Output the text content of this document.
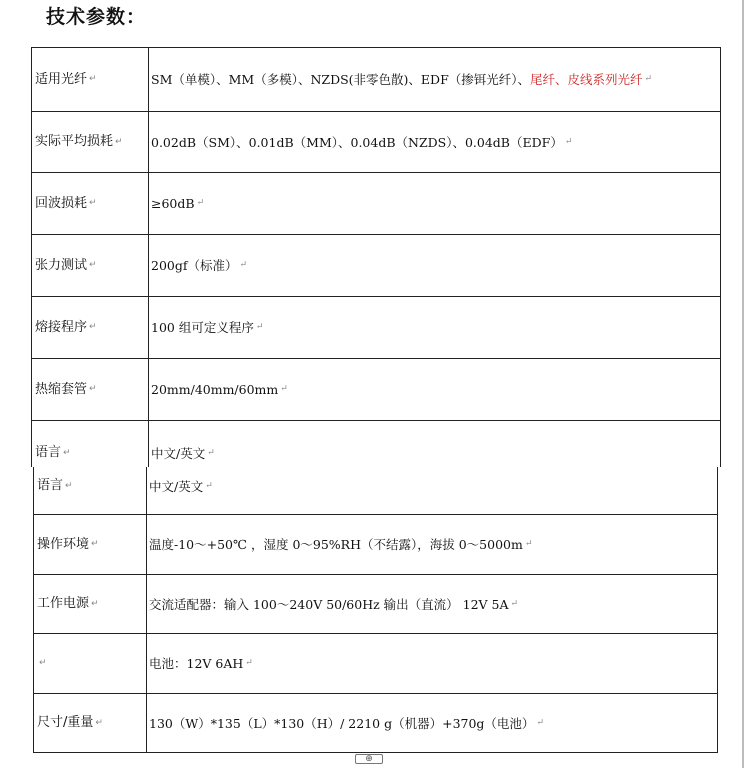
技术参数：
适用光纤 ↵	SM（单模）、MM（多模）、NZDS(非零色散)、EDF（掺铒光纤）、 尾纤、皮线系列光纤 ↵
实际平均损耗 ↵ 0.02dB（SM）、0.01dB（MM）、0.04dB（NZDS）、0.04dB（EDF） ↵
回波损耗 ↵	≥60dB ↵
张力测试 ↵	200gf（标准） ↵
熔接程序 ↵	100 组可定义程序 ↵
热缩套管 ↵	20mm/40mm/60mm ↵
语言 ↵	中文/英文 ↵
语言 ↵	中文/英文 ↵
操作环境 ↵	温度-10～+50℃ ，湿度 0～95%RH（不结露），海拔 0～5000m ↵
工作电源 ↵	交流适配器：输入 100～240V 50/60Hz 输出（直流） 12V 5A ↵
↵	电池：12V 6AH ↵
尺寸/重量 ↵	130（W）*135（L）*130（H）/ 2210 g（机器）+370g（电池） ↵
⊕
